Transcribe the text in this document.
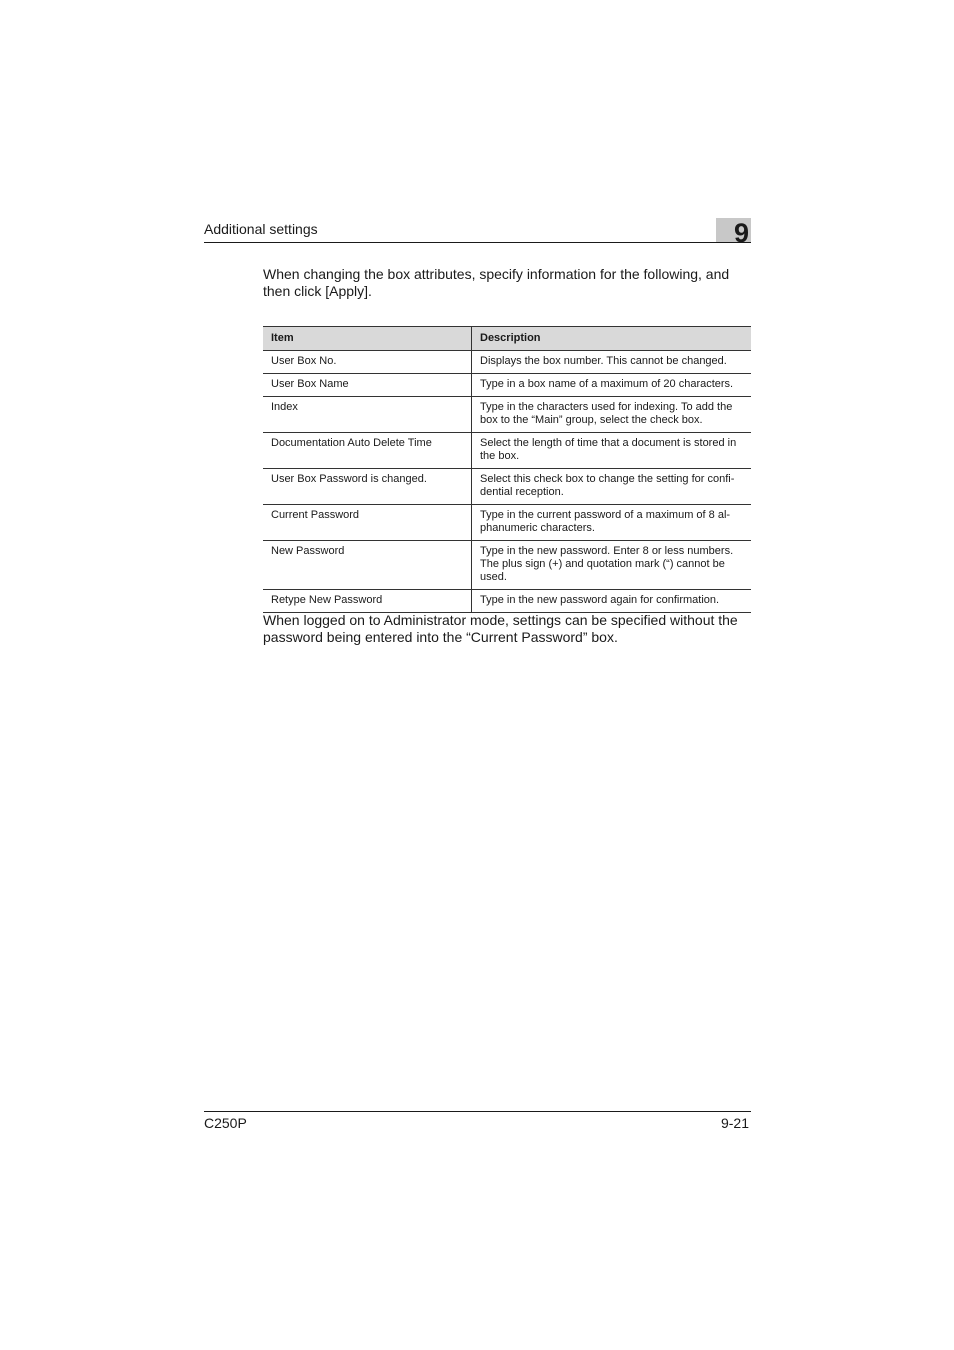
Additional settings	9

When changing the box attributes, specify information for the following, and then click [Apply].

Item	Description
User Box No.	Displays the box number. This cannot be changed.
User Box Name	Type in a box name of a maximum of 20 characters.
Index	Type in the characters used for indexing. To add the box to the “Main” group, select the check box.
Documentation Auto Delete Time	Select the length of time that a document is stored in the box.
User Box Password is changed.	Select this check box to change the setting for confi-dential reception.
Current Password	Type in the current password of a maximum of 8 al-phanumeric characters.
New Password	Type in the new password. Enter 8 or less numbers. The plus sign (+) and quotation mark (“) cannot be used.
Retype New Password	Type in the new password again for confirmation.

When logged on to Administrator mode, settings can be specified without the password being entered into the “Current Password” box.

C250P	9-21
